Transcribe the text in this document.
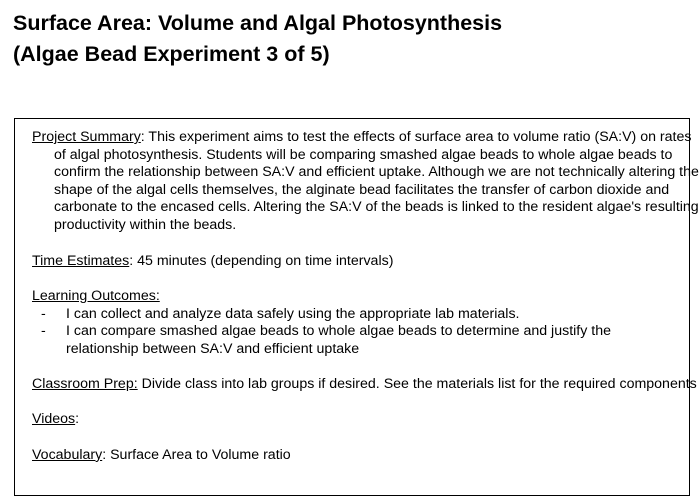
Surface Area: Volume and Algal Photosynthesis
(Algae Bead Experiment 3 of 5)

Project Summary: This experiment aims to test the effects of surface area to volume ratio (SA:V) on rates of algal photosynthesis. Students will be comparing smashed algae beads to whole algae beads to confirm the relationship between SA:V and efficient uptake. Although we are not technically altering the shape of the algal cells themselves, the alginate bead facilitates the transfer of carbon dioxide and carbonate to the encased cells. Altering the SA:V of the beads is linked to the resident algae's resulting productivity within the beads.

Time Estimates: 45 minutes (depending on time intervals)

Learning Outcomes:

- I can collect and analyze data safely using the appropriate lab materials.
- I can compare smashed algae beads to whole algae beads to determine and justify the relationship between SA:V and efficient uptake

Classroom Prep: Divide class into lab groups if desired. See the materials list for the required components

Videos:

Vocabulary: Surface Area to Volume ratio
